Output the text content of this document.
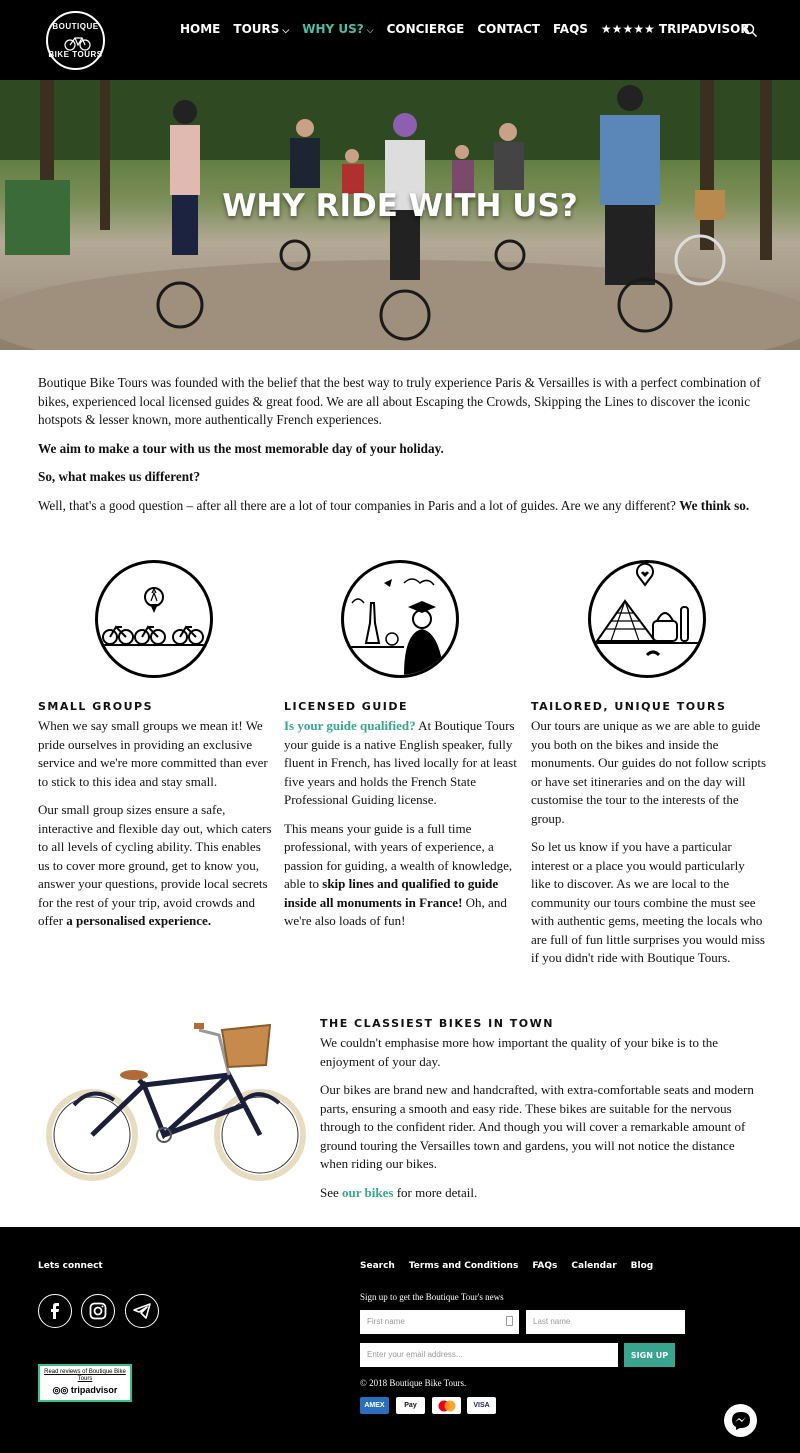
BOUTIQUE
BIKE TOURS
HOME TOURS ⌵ WHY US? ⌵ CONCIERGE CONTACT FAQS ★★★★★ TRIPADVISOR
WHY RIDE WITH US?

Boutique Bike Tours was founded with the belief that the best way to truly experience Paris & Versailles is with a perfect combination of bikes, experienced local licensed guides & great food. We are all about Escaping the Crowds, Skipping the Lines to discover the iconic hotspots & lesser known, more authentically French experiences.

We aim to make a tour with us the most memorable day of your holiday.

So, what makes us different?

Well, that's a good question – after all there are a lot of tour companies in Paris and a lot of guides. Are we any different? We think so.

SMALL GROUPS

When we say small groups we mean it! We pride ourselves in providing an exclusive service and we're more committed than ever to stick to this idea and stay small.

Our small group sizes ensure a safe, interactive and flexible day out, which caters to all levels of cycling ability. This enables us to cover more ground, get to know you, answer your questions, provide local secrets for the rest of your trip, avoid crowds and offer a personalised experience.

LICENSED GUIDE

Is your guide qualified? At Boutique Tours your guide is a native English speaker, fully fluent in French, has lived locally for at least five years and holds the French State Professional Guiding license.

This means your guide is a full time professional, with years of experience, a passion for guiding, a wealth of knowledge, able to skip lines and qualified to guide inside all monuments in France! Oh, and we're also loads of fun!

TAILORED, UNIQUE TOURS

Our tours are unique as we are able to guide you both on the bikes and inside the monuments. Our guides do not follow scripts or have set itineraries and on the day will customise the tour to the interests of the group.

So let us know if you have a particular interest or a place you would particularly like to discover. As we are local to the community our tours combine the must see with authentic gems, meeting the locals who are full of fun little surprises you would miss if you didn't ride with Boutique Tours.

THE CLASSIEST BIKES IN TOWN

We couldn't emphasise more how important the quality of your bike is to the enjoyment of your day.

Our bikes are brand new and handcrafted, with extra-comfortable seats and modern parts, ensuring a smooth and easy ride. These bikes are suitable for the nervous through to the confident rider. And though you will cover a remarkable amount of ground touring the Versailles town and gardens, you will not notice the distance when riding our bikes.

See our bikes for more detail.

Lets connect
Read reviews of Boutique Bike Tours
◎◎ tripadvisor
Search Terms and Conditions FAQs Calendar Blog
Sign up to get the Boutique Tour's news
First name	Last name
Enter your email address...	SIGN UP
© 2018 Boutique Bike Tours.
AMEX	Pay	VISA
